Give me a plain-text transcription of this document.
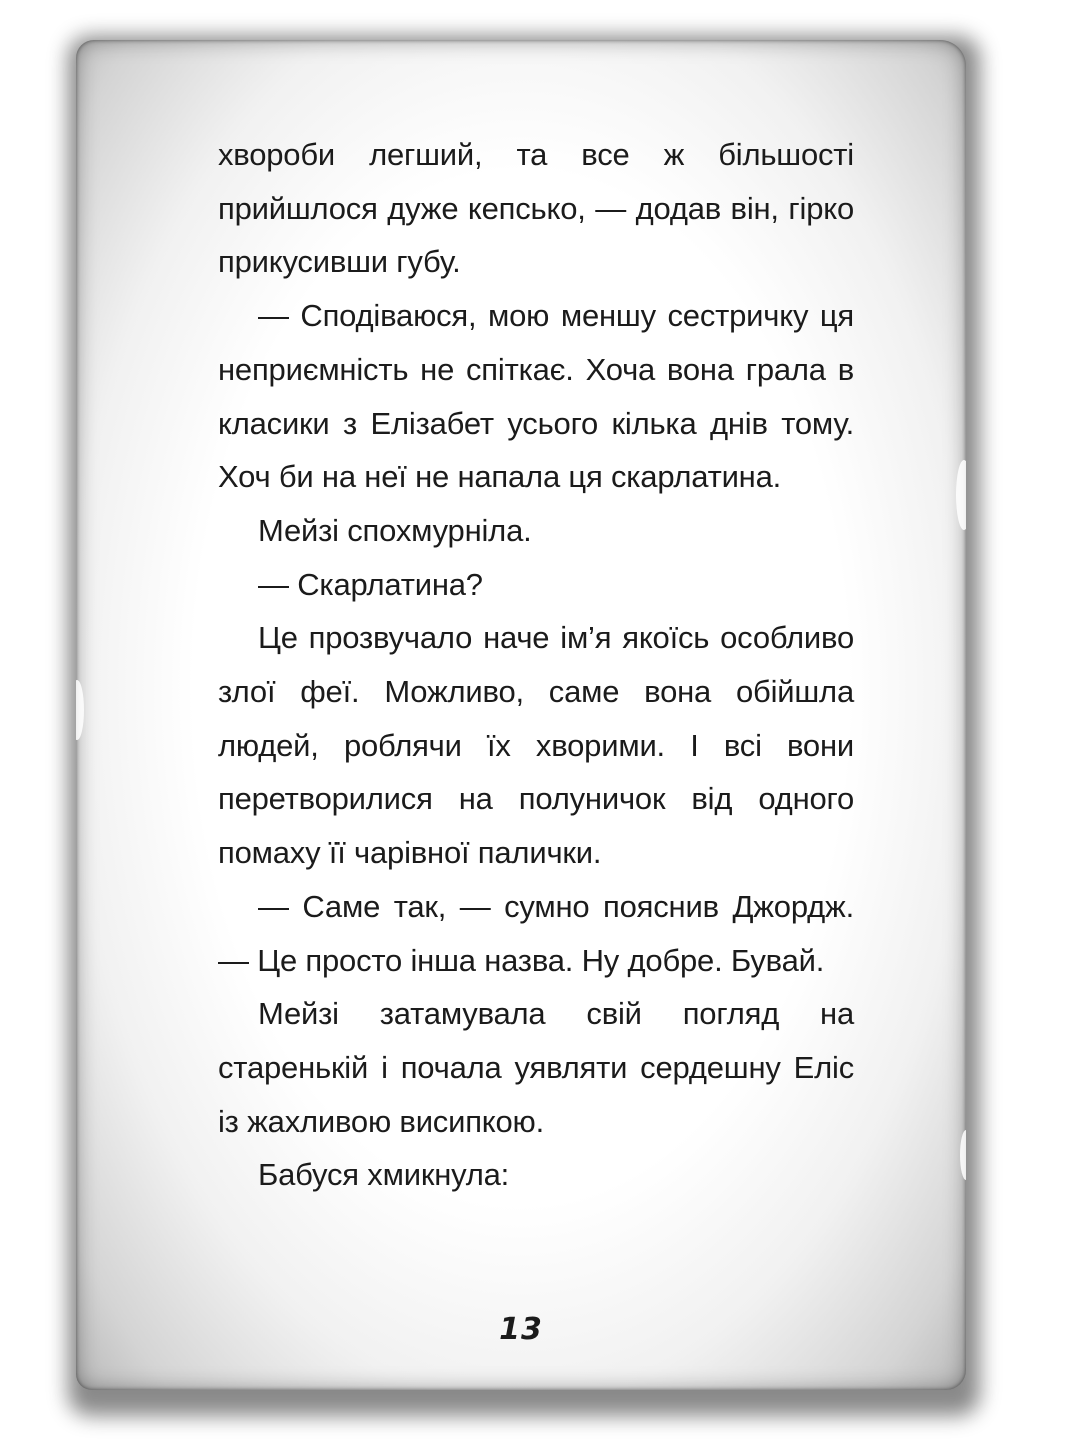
хвороби легший, та все ж більшості прийшлося дуже кепсько, — додав він, гірко прикусивши губу.

— Сподіваюся, мою меншу сестричку ця неприємність не спіткає. Хоча вона грала в класики з Елізабет усього кілька днів тому. Хоч би на неї не напала ця скарлатина.

Мейзі спохмурніла.

— Скарлатина?

Це прозвучало наче ім’я якоїсь особливо злої феї. Можливо, саме вона обійшла людей, роблячи їх хворими. І всі вони перетворилися на полуничок від одного помаху її чарівної палички.

— Саме так, — сумно пояснив Джордж. — Це просто інша назва. Ну добре. Бувай.

Мейзі затамувала свій погляд на старенькій і почала уявляти сердешну Еліс із жахливою висипкою.

Бабуся хмикнула:

13
